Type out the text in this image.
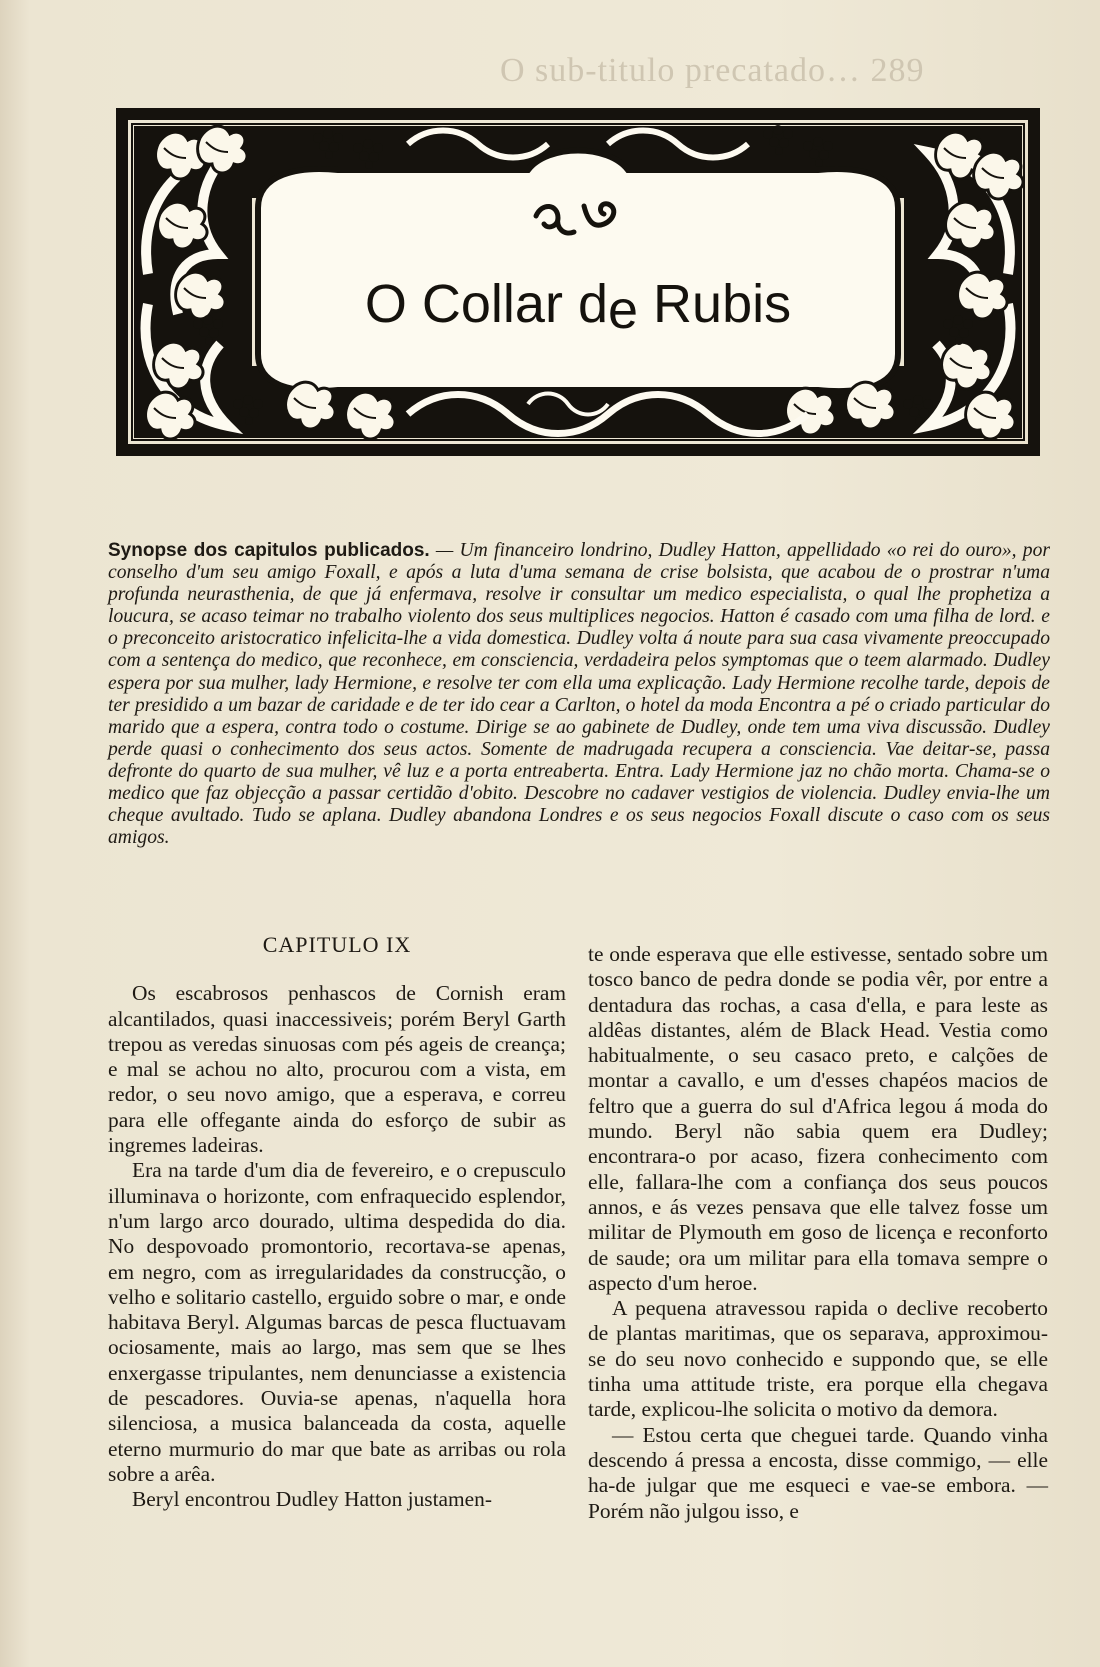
O Collar de Rubis
Synopse dos capitulos publicados. — Um financeiro londrino, Dudley Hatton, appellidado «o rei do ouro», por conselho d'um seu amigo Foxall, e após a luta d'uma semana de crise bolsista, que acabou de o prostrar n'uma profunda neurasthenia, de que já enfermava, resolve ir consultar um medico especialista, o qual lhe prophetiza a loucura, se acaso teimar no trabalho violento dos seus multiplices negocios. Hatton é casado com uma filha de lord. e o preconceito aristocratico infelicita-lhe a vida domestica. Dudley volta á noute para sua casa vivamente preoccupado com a sentença do medico, que reconhece, em consciencia, verdadeira pelos symptomas que o teem alarmado. Dudley espera por sua mulher, lady Hermione, e resolve ter com ella uma explicação. Lady Hermione recolhe tarde, depois de ter presidido a um bazar de caridade e de ter ido cear a Carlton, o hotel da moda Encontra a pé o criado particular do marido que a espera, contra todo o costume. Dirige se ao gabinete de Dudley, onde tem uma viva discussão. Dudley perde quasi o conhecimento dos seus actos. Somente de madrugada recupera a consciencia. Vae deitar-se, passa defronte do quarto de sua mulher, vê luz e a porta entreaberta. Entra. Lady Hermione jaz no chão morta. Chama-se o medico que faz objecção a passar certidão d'obito. Descobre no cadaver vestigios de violencia. Dudley envia-lhe um cheque avultado. Tudo se aplana. Dudley abandona Londres e os seus negocios Foxall discute o caso com os seus amigos.
CAPITULO IX

Os escabrosos penhascos de Cornish eram alcantilados, quasi inaccessiveis; porém Beryl Garth trepou as veredas sinuosas com pés ageis de creança; e mal se achou no alto, procurou com a vista, em redor, o seu novo amigo, que a esperava, e correu para elle offegante ainda do esforço de subir as ingremes ladeiras.

Era na tarde d'um dia de fevereiro, e o crepusculo illuminava o horizonte, com enfraquecido esplendor, n'um largo arco dourado, ultima despedida do dia. No despovoado promontorio, recortava-se apenas, em negro, com as irregularidades da construcção, o velho e solitario castello, erguido sobre o mar, e onde habitava Beryl. Algumas barcas de pesca fluctuavam ociosamente, mais ao largo, mas sem que se lhes enxergasse tripulantes, nem denunciasse a existencia de pescadores. Ouvia-se apenas, n'aquella hora silenciosa, a musica balanceada da costa, aquelle eterno murmurio do mar que bate as arribas ou rola sobre a arêa.

Beryl encontrou Dudley Hatton justamen-

te onde esperava que elle estivesse, sentado sobre um tosco banco de pedra donde se podia vêr, por entre a dentadura das rochas, a casa d'ella, e para leste as aldêas distantes, além de Black Head. Vestia como habitualmente, o seu casaco preto, e calções de montar a cavallo, e um d'esses chapéos macios de feltro que a guerra do sul d'Africa legou á moda do mundo. Beryl não sabia quem era Dudley; encontrara-o por acaso, fizera conhecimento com elle, fallara-lhe com a confiança dos seus poucos annos, e ás vezes pensava que elle talvez fosse um militar de Plymouth em goso de licença e reconforto de saude; ora um militar para ella tomava sempre o aspecto d'um heroe.

A pequena atravessou rapida o declive recoberto de plantas maritimas, que os separava, approximou-se do seu novo conhecido e suppondo que, se elle tinha uma attitude triste, era porque ella chegava tarde, explicou-lhe solicita o motivo da demora.

— Estou certa que cheguei tarde. Quando vinha descendo á pressa a encosta, disse commigo, — elle ha-de julgar que me esqueci e vae-se embora. — Porém não julgou isso, e

O sub-titulo precatado… 289
